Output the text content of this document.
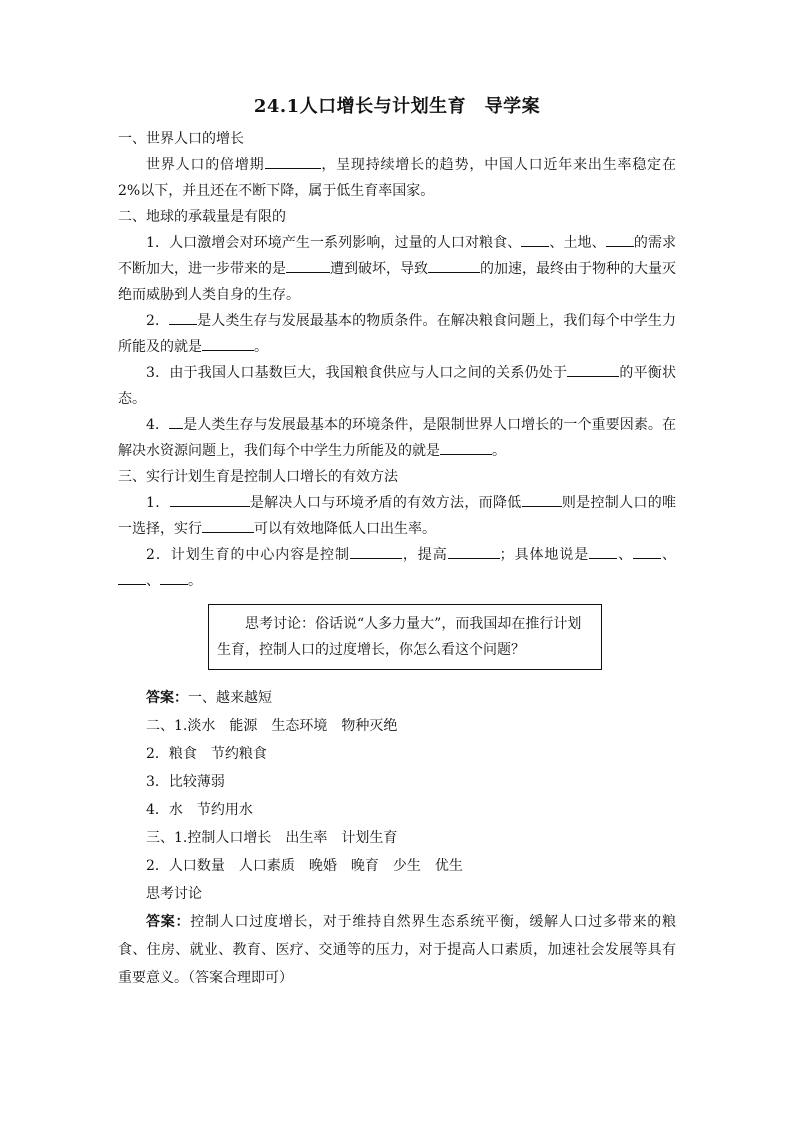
24.1人口增长与计划生育　导学案

一、世界人口的增长

世界人口的倍增期	，呈现持续增长的趋势，中国人口近年来出生率稳定在 2%以下，并且还在不断下降，属于低生育率国家。

二、地球的承载量是有限的

1．人口激增会对环境产生一系列影响，过量的人口对粮食、 、土地、 的需求不断加大，进一步带来的是	遭到破坏，导致	的加速，最终由于物种的大量灭绝而威胁到人类自身的生存。

2． 是人类生存与发展最基本的物质条件。在解决粮食问题上，我们每个中学生力所能及的就是	。

3．由于我国人口基数巨大，我国粮食供应与人口之间的关系仍处于	的平衡状态。

4． 是人类生存与发展最基本的环境条件，是限制世界人口增长的一个重要因素。在解决水资源问题上，我们每个中学生力所能及的就是	。

三、实行计划生育是控制人口增长的有效方法

1．	是解决人口与环境矛盾的有效方法，而降低	则是控制人口的唯一选择，实行	可以有效地降低人口出生率。

2．计划生育的中心内容是控制	，提高	；具体地说是 、 、、 。

思考讨论：俗话说“人多力量大”，而我国却在推行计划生育，控制人口的过度增长，你怎么看这个问题？

答案：一、越来越短

二、1.淡水　能源　生态环境　物种灭绝

2．粮食　节约粮食

3．比较薄弱

4．水　节约用水

三、1.控制人口增长　出生率　计划生育

2．人口数量　人口素质　晚婚　晚育　少生　优生

思考讨论

答案：控制人口过度增长，对于维持自然界生态系统平衡，缓解人口过多带来的粮食、住房、就业、教育、医疗、交通等的压力，对于提高人口素质，加速社会发展等具有重要意义。（答案合理即可）
